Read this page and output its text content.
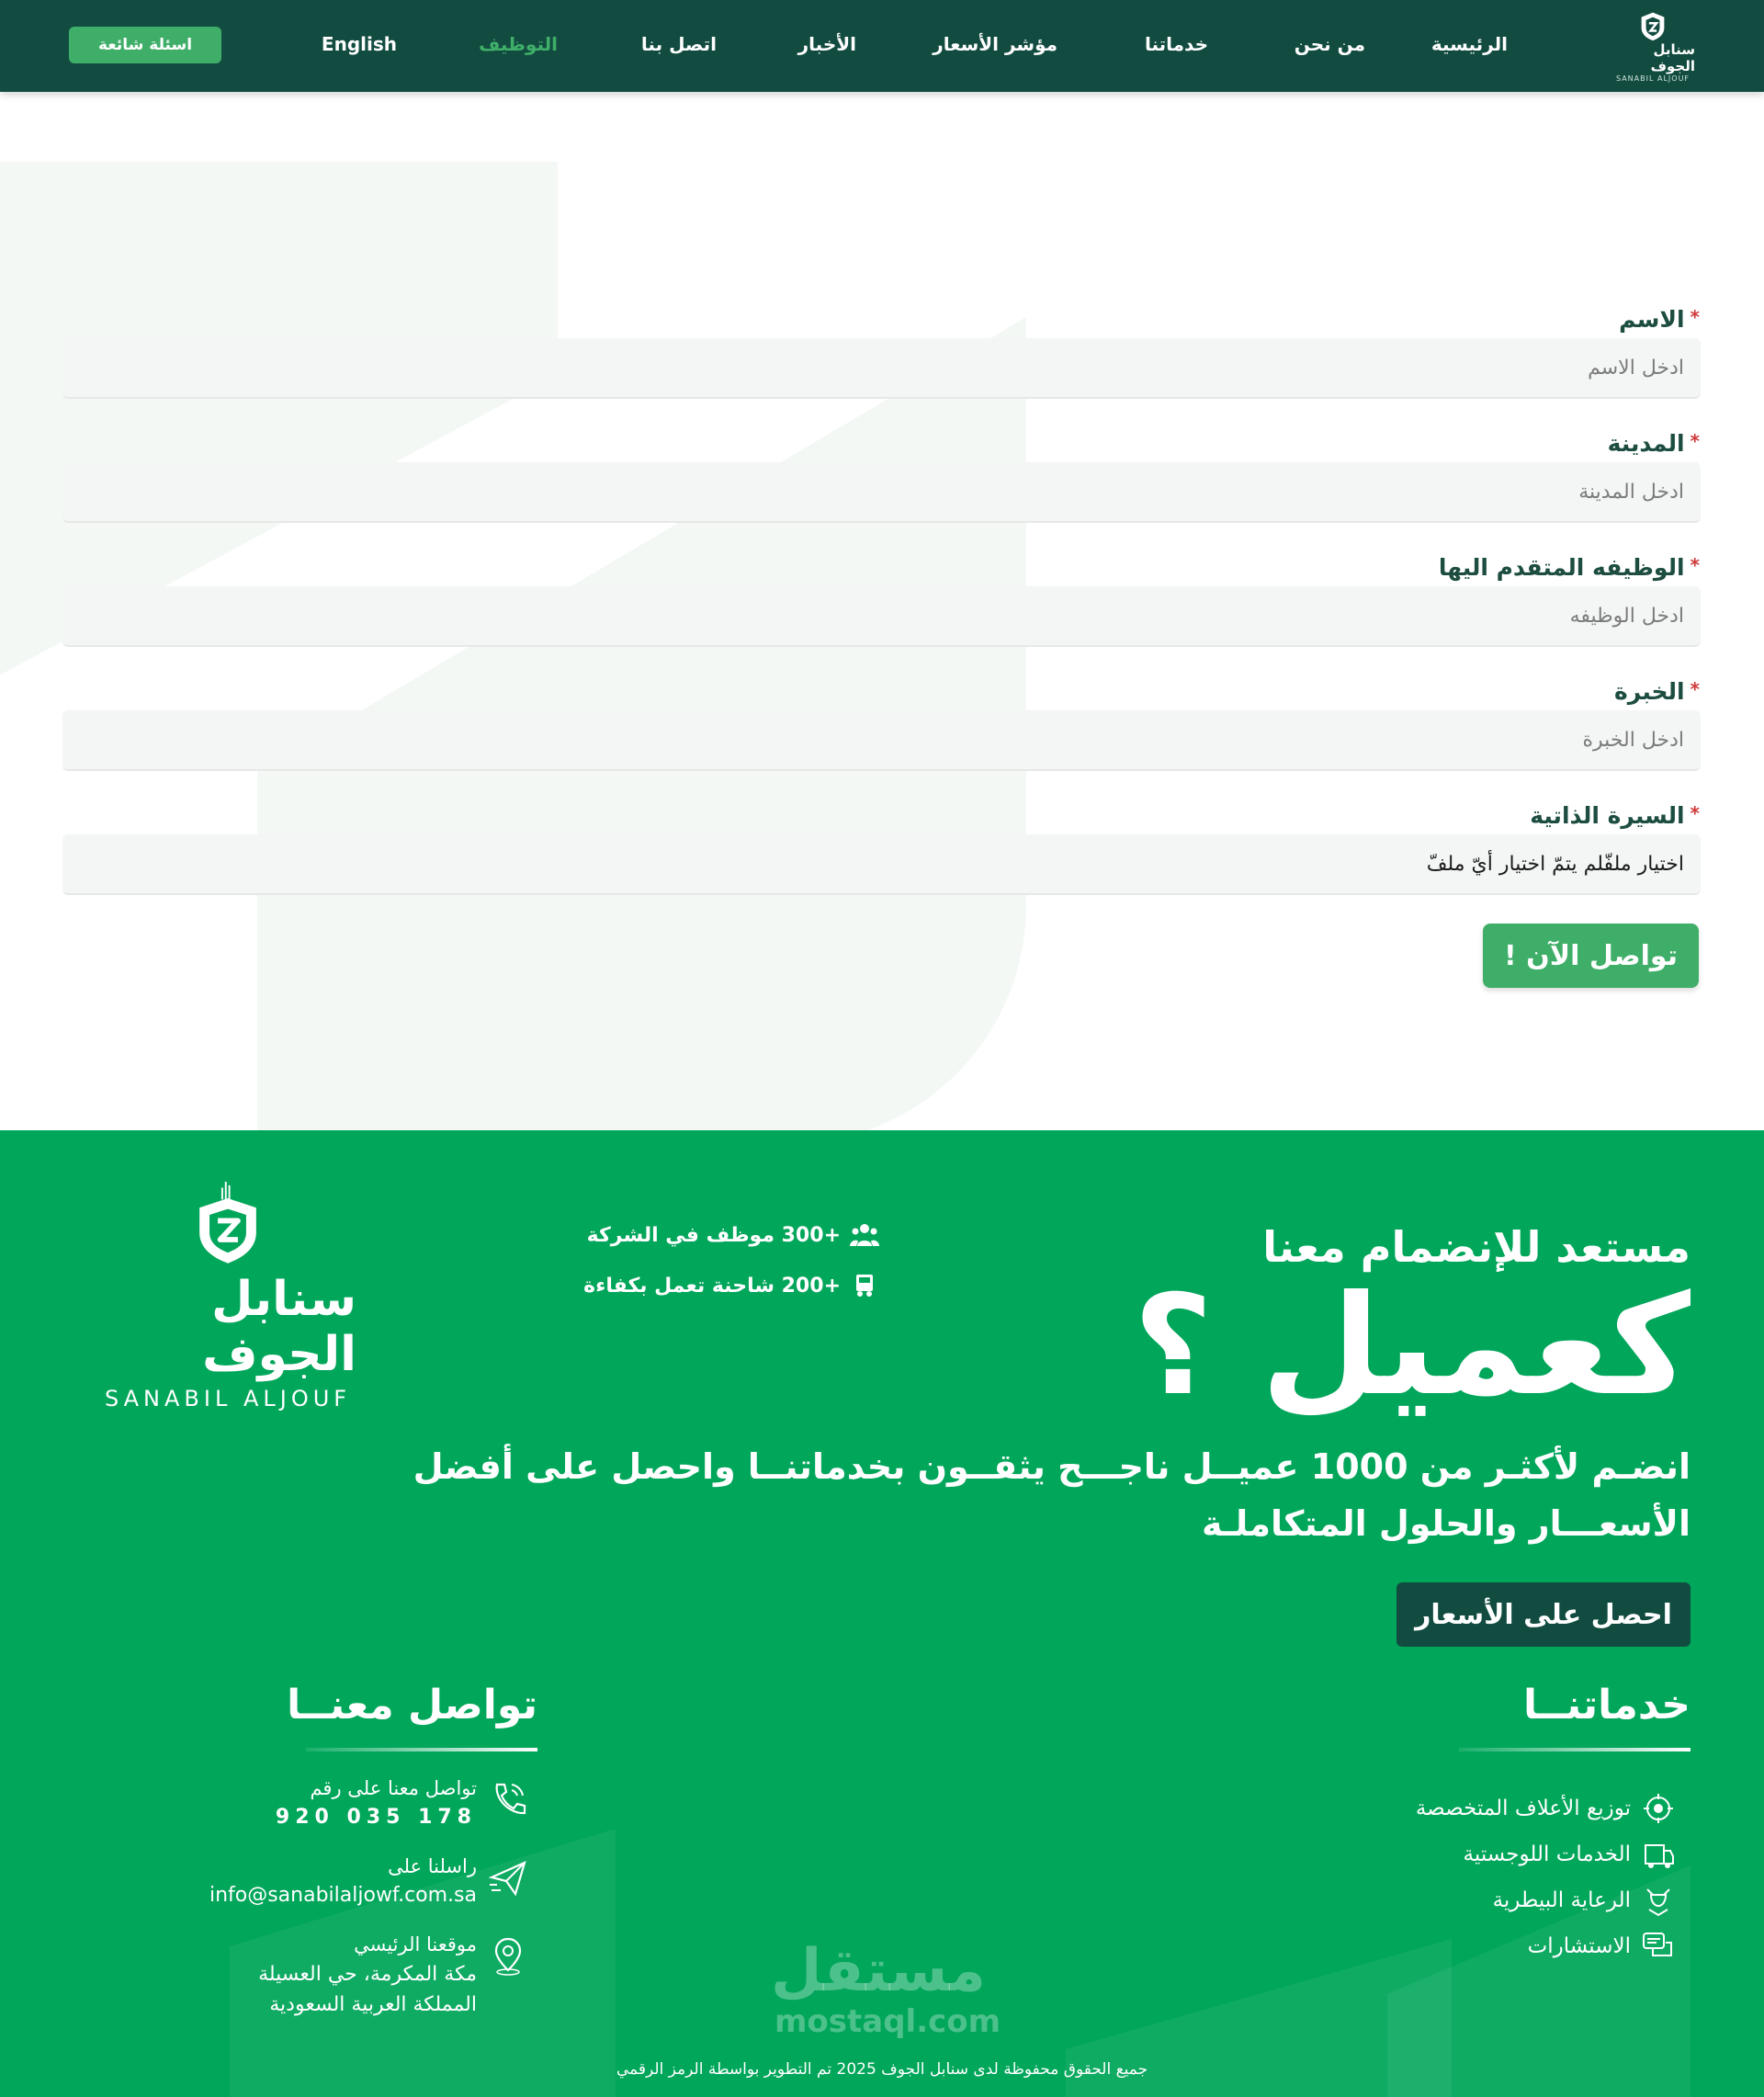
سنابل الجوف
SANABIL ALJOUF
الرئيسية
من نحن
خدماتنا
مؤشر الأسعار
الأخبار
اتصل بنا
التوظيف
English
اسئلة شائعة
*الاسم
ادخل الاسم
*المدينة
ادخل المدينة
*الوظيفه المتقدم اليها
ادخل الوظيفه
*الخبرة
ادخل الخبرة
*السيرة الذاتية
اختيار ملفّلم يتمّ اختيار أيّ ملفّ
تواصل الآن !
مستعد للإنضمام معنا
كعميل ؟
انضـم لأكثـر من 1000 عميــل ناجـــح يثقــون بخدماتنــا واحصل على أفضل الأسعـــار والحلول المتكاملـة
احصل على الأسعار
+300 موظف في الشركة
+200 شاحنة تعمل بكفاءة
سنابل الجوف
SANABIL ALJOUF
خدماتنــا
توزيع الأعلاف المتخصصة
الخدمات اللوجستية
الرعاية البيطرية
الاستشارات
تواصل معنــا
تواصل معنا على رقم
920 035 178
راسلنا على
info@sanabilaljowf.com.sa
موقعنا الرئيسي
مكة المكرمة، حي العسيلة
المملكة العربية السعودية	مستقل
mostaql.com
جميع الحقوق محفوظة لدى سنابل الجوف 2025 تم التطوير بواسطة الرمز الرقمي
